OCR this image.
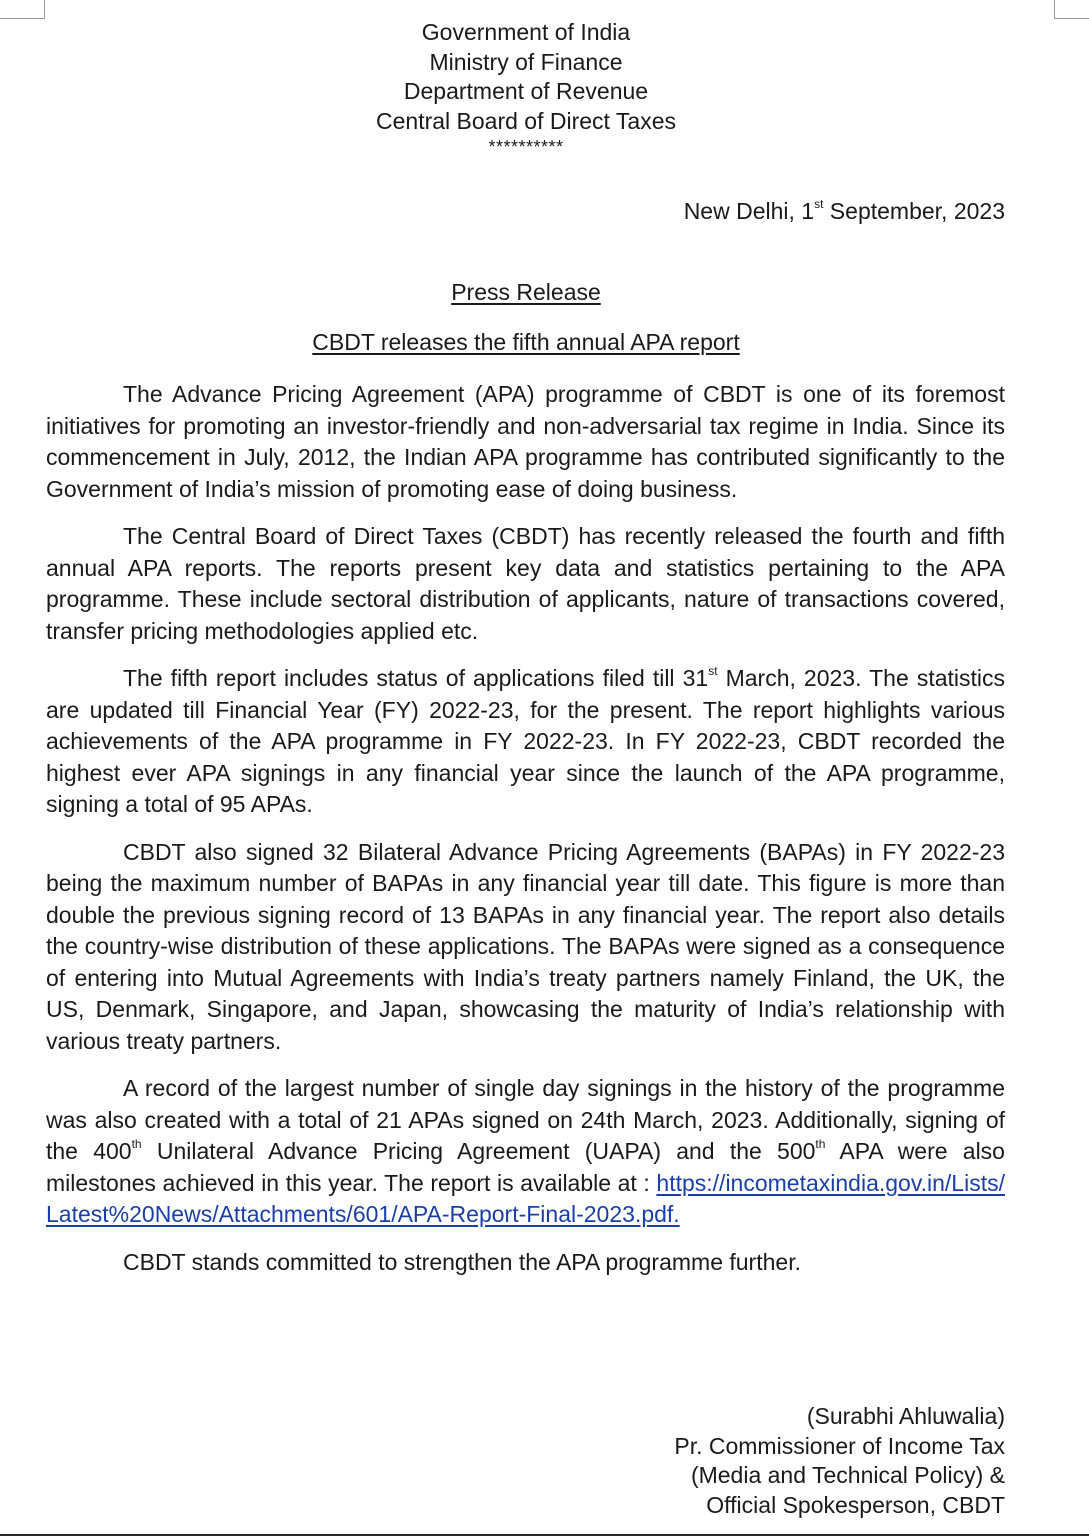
Government of India
Ministry of Finance
Department of Revenue
Central Board of Direct Taxes
**********
New Delhi, 1st September, 2023
Press Release
CBDT releases the fifth annual APA report

The Advance Pricing Agreement (APA) programme of CBDT is one of its foremost initiatives for promoting an investor-friendly and non-adversarial tax regime in India. Since its commencement in July, 2012, the Indian APA programme has contributed significantly to the Government of India’s mission of promoting ease of doing business.

The Central Board of Direct Taxes (CBDT) has recently released the fourth and fifth annual APA reports. The reports present key data and statistics pertaining to the APA programme. These include sectoral distribution of applicants, nature of transactions covered, transfer pricing methodologies applied etc.

The fifth report includes status of applications filed till 31st March, 2023. The statistics are updated till Financial Year (FY) 2022-23, for the present. The report highlights various achievements of the APA programme in FY 2022-23. In FY 2022-23, CBDT recorded the highest ever APA signings in any financial year since the launch of the APA programme, signing a total of 95 APAs.

CBDT also signed 32 Bilateral Advance Pricing Agreements (BAPAs) in FY 2022-23 being the maximum number of BAPAs in any financial year till date. This figure is more than double the previous signing record of 13 BAPAs in any financial year. The report also details the country-wise distribution of these applications. The BAPAs were signed as a consequence of entering into Mutual Agreements with India’s treaty partners namely Finland, the UK, the US, Denmark, Singapore, and Japan, showcasing the maturity of India’s relationship with various treaty partners.

A record of the largest number of single day signings in the history of the programme was also created with a total of 21 APAs signed on 24th March, 2023. Additionally, signing of the 400th Unilateral Advance Pricing Agreement (UAPA) and the 500th APA were also milestones achieved in this year. The report is available at : https://incometaxindia.gov.in/Lists/Latest%20News/Attachments/601/APA-Report-Final-2023.pdf.

CBDT stands committed to strengthen the APA programme further.

(Surabhi Ahluwalia)
Pr. Commissioner of Income Tax
(Media and Technical Policy) &
Official Spokesperson, CBDT
